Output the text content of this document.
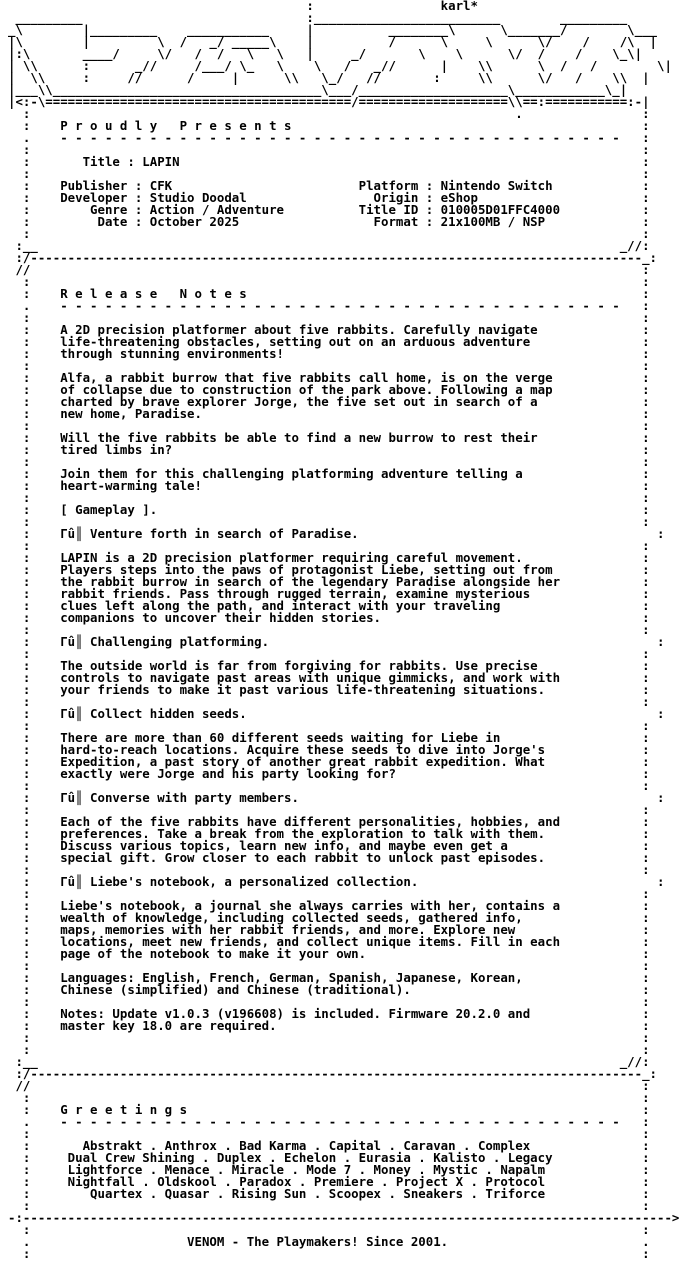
:                 karl*
_________                              :_________________________        _________
_\        |_________    ___________     |          ________\      \_______/        \___
|\        |         \  /   _/ _____\    |          /      \     \      \/    /    /\  |
|:\       ____/     \/   /  /   \   \   |     _/       \    \      \/  /    /    \_\|
| \\      :      _//     /___/ \_   \    \   /   _//      |    \\      \  /   /        \|
|  \\     :     //      /     |      \\   \_/   //       :     \\      \/   /    \\  |
|___\\____________________________________\___/____________________\____________\_|
|<:-\=========================================/====================\\==:===========:-|
:                                                                 .                :
:    P r o u d l y   P r e s e n t s                                               :
.    - - - - - - - - - - - - - - - - - - - - - - - - - - - - - - - - - - - - - -   :
:                                                                                  :
:       Title : LAPIN                                                              :
:                                                                                  :
:    Publisher : CFK                         Platform : Nintendo Switch            :
:    Developer : Studio Doodal                 Origin : eShop                      :
:        Genre : Action / Adventure          Title ID : 010005D01FFC4000           :
:         Date : October 2025                  Format : 21x100MB / NSP             :
:                                                                                  :
:__                                                                              _//:
:/----------------------------------------------------------------------------------_:
//                                                                                  :
:                                                                                  :
:    R e l e a s e   N o t e s                                                     :
.    - - - - - - - - - - - - - - - - - - - - - - - - - - - - - - - - - - - - - -   :
:                                                                                  :
:    A 2D precision platformer about five rabbits. Carefully navigate              :
:    life-threatening obstacles, setting out on an arduous adventure               :
:    through stunning environments!                                                :
:                                                                                  :
:    Alfa, a rabbit burrow that five rabbits call home, is on the verge            :
:    of collapse due to construction of the park above. Following a map            :
:    charted by brave explorer Jorge, the five set out in search of a              :
:    new home, Paradise.                                                           :
:                                                                                  :
:    Will the five rabbits be able to find a new burrow to rest their              :
:    tired limbs in?                                                               :
:                                                                                  :
:    Join them for this challenging platforming adventure telling a                :
:    heart-warming tale!                                                           :
:                                                                                  :
:    [ Gameplay ].                                                                 :
:                                                                                  :
:    Γû║ Venture forth in search of Paradise.                                        :
:                                                                                  :
:    LAPIN is a 2D precision platformer requiring careful movement.                :
:    Players steps into the paws of protagonist Liebe, setting out from            :
:    the rabbit burrow in search of the legendary Paradise alongside her           :
:    rabbit friends. Pass through rugged terrain, examine mysterious               :
:    clues left along the path, and interact with your traveling                   :
:    companions to uncover their hidden stories.                                   :
:                                                                                  :
:    Γû║ Challenging platforming.                                                    :
:                                                                                  :
:    The outside world is far from forgiving for rabbits. Use precise              :
:    controls to navigate past areas with unique gimmicks, and work with           :
:    your friends to make it past various life-threatening situations.             :
:                                                                                  :
:    Γû║ Collect hidden seeds.                                                       :
:                                                                                  :
:    There are more than 60 different seeds waiting for Liebe in                   :
:    hard-to-reach locations. Acquire these seeds to dive into Jorge's             :
:    Expedition, a past story of another great rabbit expedition. What             :
:    exactly were Jorge and his party looking for?                                 :
:                                                                                  :
:    Γû║ Converse with party members.                                                :
:                                                                                  :
:    Each of the five rabbits have different personalities, hobbies, and           :
:    preferences. Take a break from the exploration to talk with them.             :
:    Discuss various topics, learn new info, and maybe even get a                  :
:    special gift. Grow closer to each rabbit to unlock past episodes.             :
:                                                                                  :
:    Γû║ Liebe's notebook, a personalized collection.                                :
:                                                                                  :
:    Liebe's notebook, a journal she always carries with her, contains a           :
:    wealth of knowledge, including collected seeds, gathered info,                :
:    maps, memories with her rabbit friends, and more. Explore new                 :
:    locations, meet new friends, and collect unique items. Fill in each           :
:    page of the notebook to make it your own.                                     :
:                                                                                  :
:    Languages: English, French, German, Spanish, Japanese, Korean,                :
:    Chinese (simplified) and Chinese (traditional).                               :
:                                                                                  :
:    Notes: Update v1.0.3 (v196608) is included. Firmware 20.2.0 and               :
:    master key 18.0 are required.                                                 :
:                                                                                  :
:                                                                                  :
:__                                                                              _//:
:/----------------------------------------------------------------------------------_:
//                                                                                  :
:                                                                                  :
:    G r e e t i n g s                                                             :
.    - - - - - - - - - - - - - - - - - - - - - - - - - - - - - - - - - - - - - -   :
:                                                                                  :
:       Abstrakt . Anthrox . Bad Karma . Capital . Caravan . Complex               :
:     Dual Crew Shining . Duplex . Echelon . Eurasia . Kalisto . Legacy            :
:     Lightforce . Menace . Miracle . Mode 7 . Money . Mystic . Napalm             :
:     Nightfall . Oldskool . Paradox . Premiere . Project X . Protocol             :
:        Quartex . Quasar . Rising Sun . Scoopex . Sneakers . Triforce             :
:                                                                                  :
-:--------------------------------------------------------------------------------------->
:                                                                                  :
.                     VENOM - The Playmakers! Since 2001.                          .
:                                                                                  :
